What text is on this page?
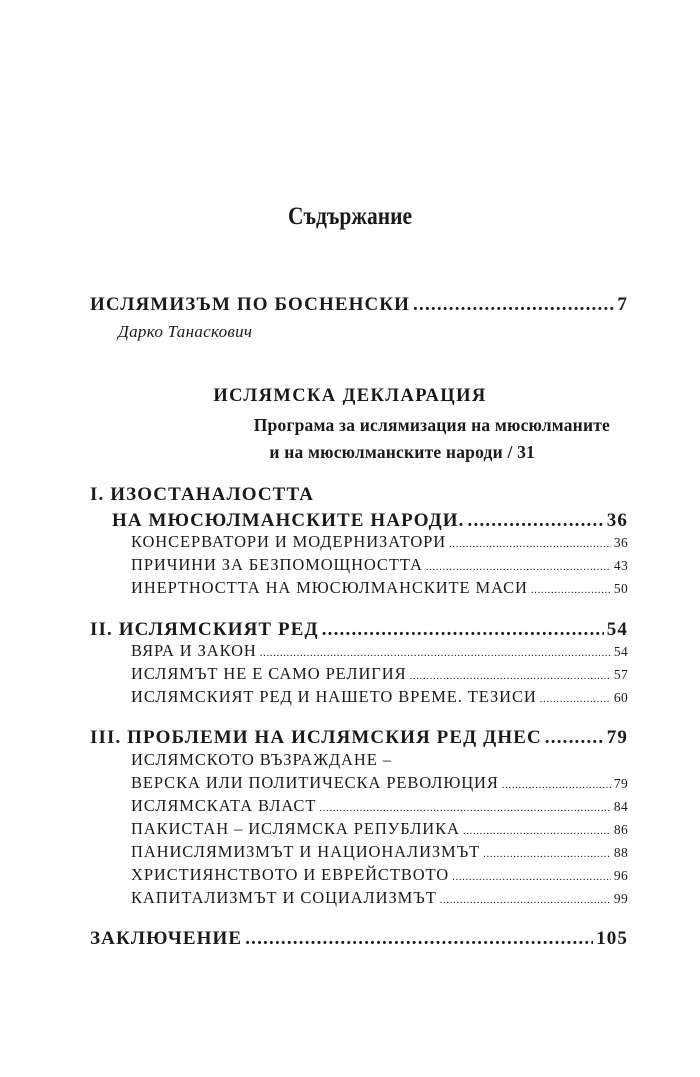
Съдържание
ИСЛЯМИЗЪМ ПО БОСНЕНСКИ .....	7
Дарко Танаскович
ИСЛЯМСКА ДЕКЛАРАЦИЯ
Програма за ислямизация на мюсюлманите
и на мюсюлманските народи / 31
I. ИЗОСТАНАЛОСТТА
НА МЮСЮЛМАНСКИТЕ НАРОДИ. .....	36
КОНСЕРВАТОРИ И МОДЕРНИЗАТОРИ .....	36
ПРИЧИНИ ЗА БЕЗПОМОЩНОСТТА .....	43
ИНЕРТНОСТТА НА МЮСЮЛМАНСКИТЕ МАСИ .....	50
II. ИСЛЯМСКИЯТ РЕД .....	54
ВЯРА И ЗАКОН .....	54
ИСЛЯМЪТ НЕ Е САМО РЕЛИГИЯ .....	57
ИСЛЯМСКИЯТ РЕД И НАШЕТО ВРЕМЕ. ТЕЗИСИ .....	60
III. ПРОБЛЕМИ НА ИСЛЯМСКИЯ РЕД ДНЕС .....	79
ИСЛЯМСКОТО ВЪЗРАЖДАНЕ –
ВЕРСКА ИЛИ ПОЛИТИЧЕСКА РЕВОЛЮЦИЯ .....	79
ИСЛЯМСКАТА ВЛАСТ .....	84
ПАКИСТАН – ИСЛЯМСКА РЕПУБЛИКА .....	86
ПАНИСЛЯМИЗМЪТ И НАЦИОНАЛИЗМЪТ .....	88
ХРИСТИЯНСТВОТО И ЕВРЕЙСТВОТО .....	96
КАПИТАЛИЗМЪТ И СОЦИАЛИЗМЪТ .....	99
ЗАКЛЮЧЕНИЕ .....	105
